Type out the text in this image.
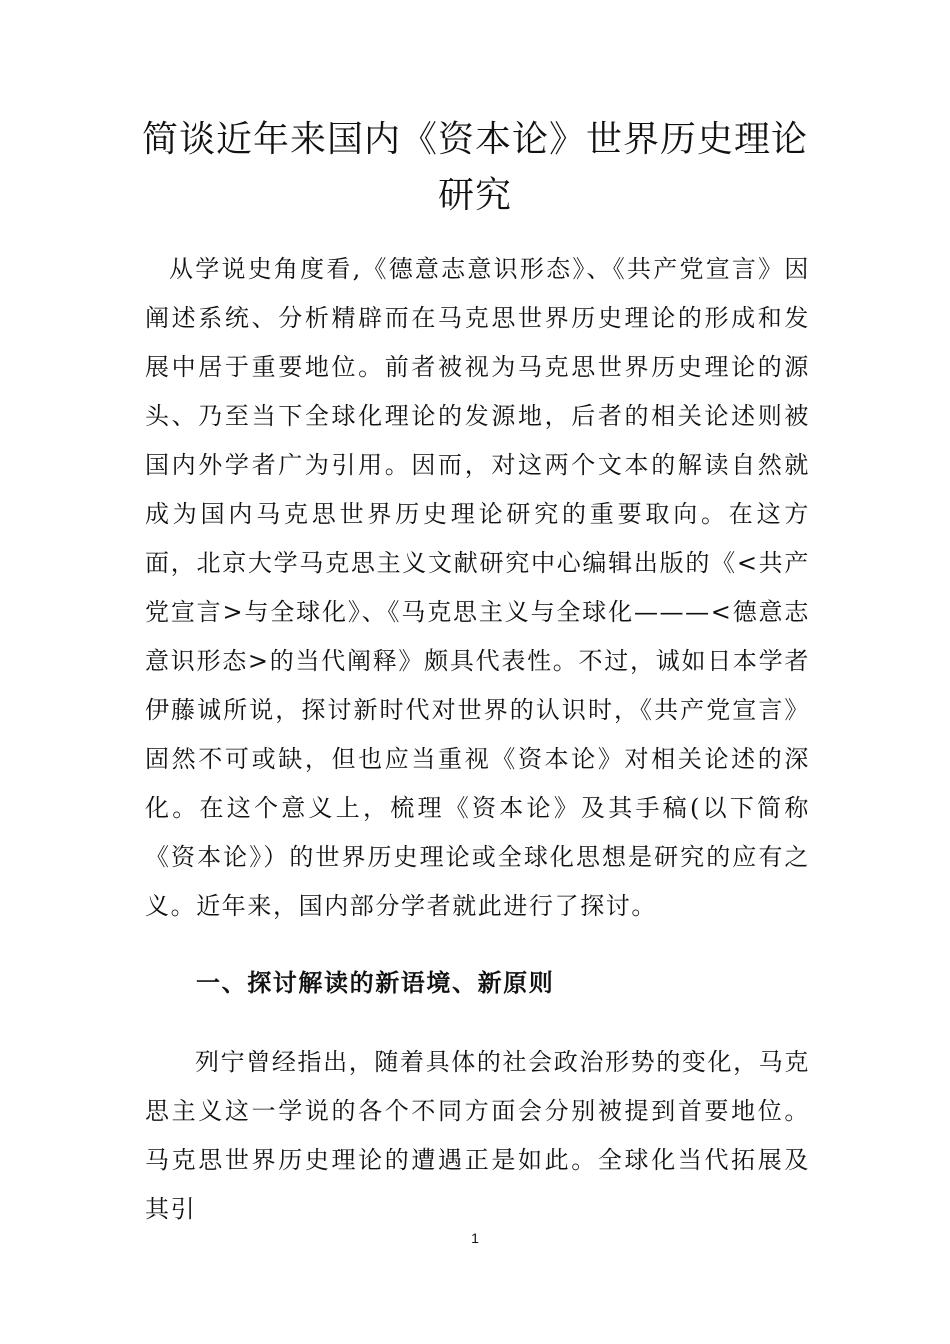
简谈近年来国内《资本论》世界历史理论研究

从学说史角度看,《德意志意识形态》、《共产党宣言》因阐述系统、分析精辟而在马克思世界历史理论的形成和发展中居于重要地位。前者被视为马克思世界历史理论的源头、乃至当下全球化理论的发源地，后者的相关论述则被国内外学者广为引用。因而，对这两个文本的解读自然就成为国内马克思世界历史理论研究的重要取向。在这方面，北京大学马克思主义文献研究中心编辑出版的《<共产党宣言>与全球化》、《马克思主义与全球化———<德意志意识形态>的当代阐释》颇具代表性。不过，诚如日本学者伊藤诚所说，探讨新时代对世界的认识时，《共产党宣言》固然不可或缺，但也应当重视《资本论》对相关论述的深化。在这个意义上，梳理《资本论》及其手稿(以下简称《资本论》）的世界历史理论或全球化思想是研究的应有之义。近年来，国内部分学者就此进行了探讨。

一、探讨解读的新语境、新原则

列宁曾经指出，随着具体的社会政治形势的变化，马克思主义这一学说的各个不同方面会分别被提到首要地位。马克思世界历史理论的遭遇正是如此。全球化当代拓展及其引

1
